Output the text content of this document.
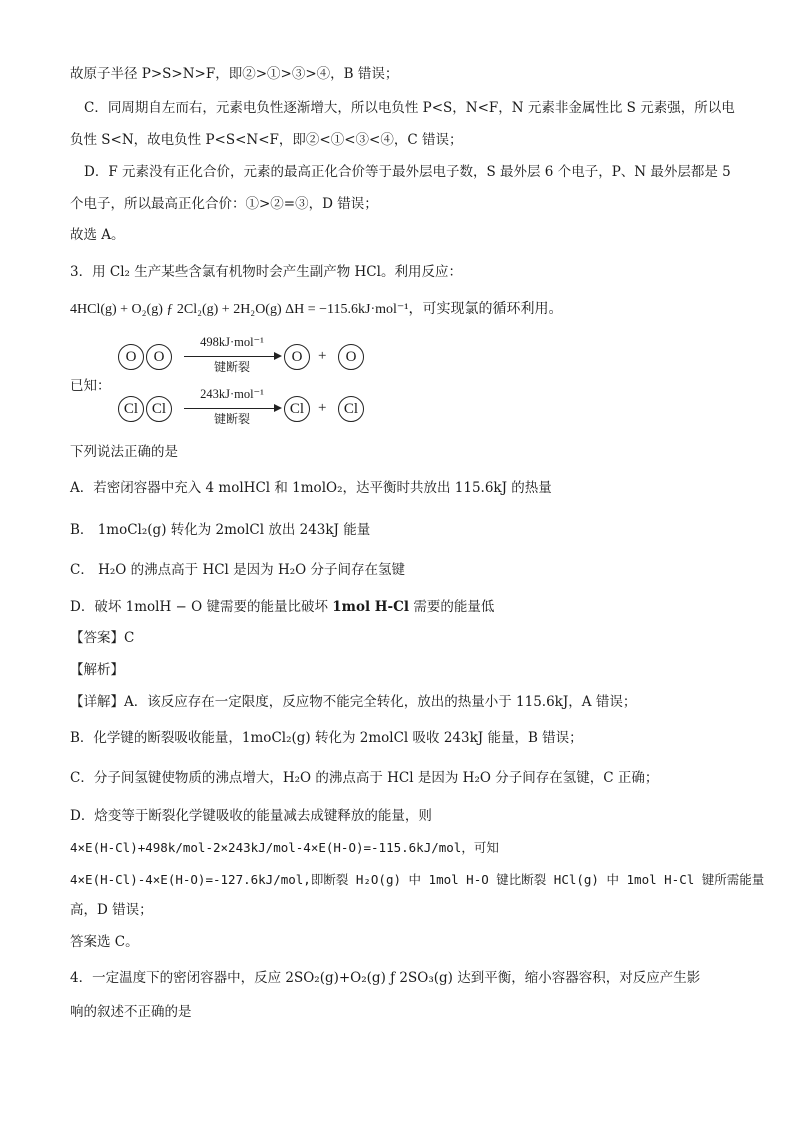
故原子半径 P>S>N>F，即②>①>③>④，B 错误；
C．同周期自左而右，元素电负性逐渐增大，所以电负性 P<S，N<F，N 元素非金属性比 S 元素强，所以电
负性 S<N，故电负性 P<S<N<F，即②<①<③<④，C 错误；
D．F 元素没有正化合价，元素的最高正化合价等于最外层电子数，S 最外层 6 个电子，P、N 最外层都是 5
个电子，所以最高正化合价：①>②=③，D 错误；
故选 A。
3．用 Cl₂ 生产某些含氯有机物时会产生副产物 HCl。利用反应：
4HCl(g) + O₂(g) ƒ 2Cl₂(g) + 2H₂O(g) ΔH = −115.6kJ·mol⁻¹，可实现氯的循环利用。
已知：
O	O
498kJ·mol⁻¹
键断裂
O	+	O
Cl Cl
243kJ·mol⁻¹
键断裂
Cl +	Cl
下列说法正确的是
A．若密闭容器中充入 4 molHCl 和 1molO₂，达平衡时共放出 115.6kJ 的热量
B． 1moCl₂(g) 转化为 2molCl 放出 243kJ 能量
C． H₂O 的沸点高于 HCl 是因为 H₂O 分子间存在氢键
D．破坏 1molH − O 键需要的能量比破坏 1mol H-Cl 需要的能量低
【答案】C
【解析】
【详解】A．该反应存在一定限度，反应物不能完全转化，放出的热量小于 115.6kJ，A 错误；
B．化学键的断裂吸收能量，1moCl₂(g) 转化为 2molCl 吸收 243kJ 能量，B 错误；
C．分子间氢键使物质的沸点增大，H₂O 的沸点高于 HCl 是因为 H₂O 分子间存在氢键，C 正确；
D．焓变等于断裂化学键吸收的能量减去成键释放的能量，则
4×E(H-Cl)+498k/mol-2×243kJ/mol-4×E(H-O)=-115.6kJ/mol，可知
4×E(H-Cl)-4×E(H-O)=-127.6kJ/mol,即断裂 H₂O(g) 中 1mol H-O 键比断裂 HCl(g) 中 1mol H-Cl 键所需能量
高，D 错误；
答案选 C。
4．一定温度下的密闭容器中，反应 2SO₂(g)+O₂(g) ƒ 2SO₃(g) 达到平衡，缩小容器容积，对反应产生影
响的叙述不正确的是
